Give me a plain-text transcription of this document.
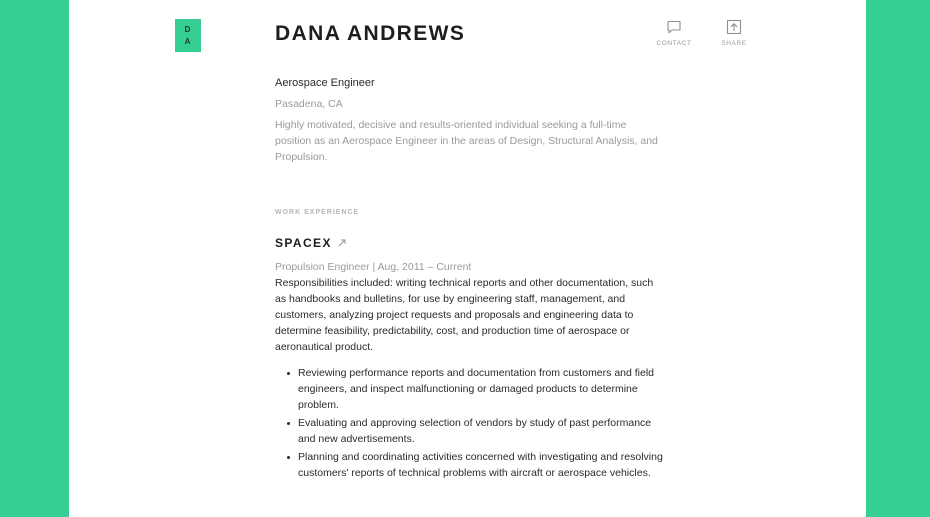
D
A	DANA ANDREWS	CONTACT	SHARE
Aerospace Engineer
Pasadena, CA
Highly motivated, decisive and results-oriented individual seeking a full-time position as an Aerospace Engineer in the areas of Design, Structural Analysis, and Propulsion.
WORK EXPERIENCE
SPACEX
Propulsion Engineer | Aug, 2011 – Current
Responsibilities included: writing technical reports and other documentation, such as handbooks and bulletins, for use by engineering staff, management, and customers, analyzing project requests and proposals and engineering data to determine feasibility, predictability, cost, and production time of aerospace or aeronautical product.
Reviewing performance reports and documentation from customers and field engineers, and inspect malfunctioning or damaged products to determine problem.
Evaluating and approving selection of vendors by study of past performance and new advertisements.
Planning and coordinating activities concerned with investigating and resolving customers' reports of technical problems with aircraft or aerospace vehicles.
